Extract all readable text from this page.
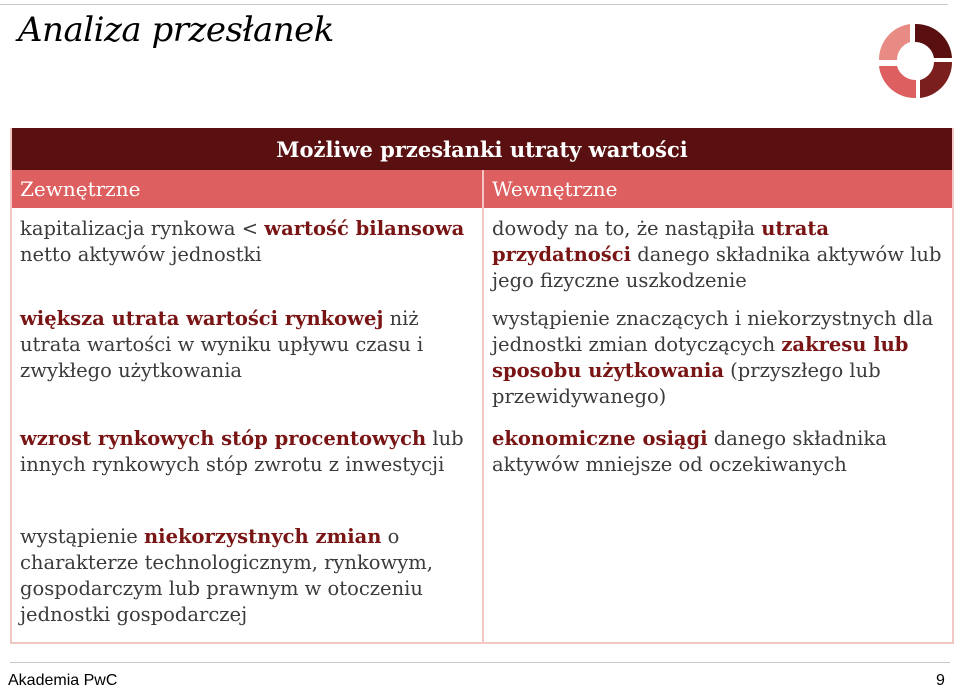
Analiza przesłanek
Możliwe przesłanki utraty wartości
Zewnętrzne	Wewnętrzne
kapitalizacja rynkowa < wartość bilansowa netto aktywów jednostki
większa utrata wartości rynkowej niż utrata wartości w wyniku upływu czasu i zwykłego użytkowania
wzrost rynkowych stóp procentowych lub innych rynkowych stóp zwrotu z inwestycji
wystąpienie niekorzystnych zmian o charakterze technologicznym, rynkowym, gospodarczym lub prawnym w otoczeniu jednostki gospodarczej
dowody na to, że nastąpiła utrata przydatności danego składnika aktywów lub jego fizyczne uszkodzenie
wystąpienie znaczących i niekorzystnych dla jednostki zmian dotyczących zakresu lub sposobu użytkowania (przyszłego lub przewidywanego)
ekonomiczne osiągi danego składnika aktywów mniejsze od oczekiwanych
Akademia PwC	9
